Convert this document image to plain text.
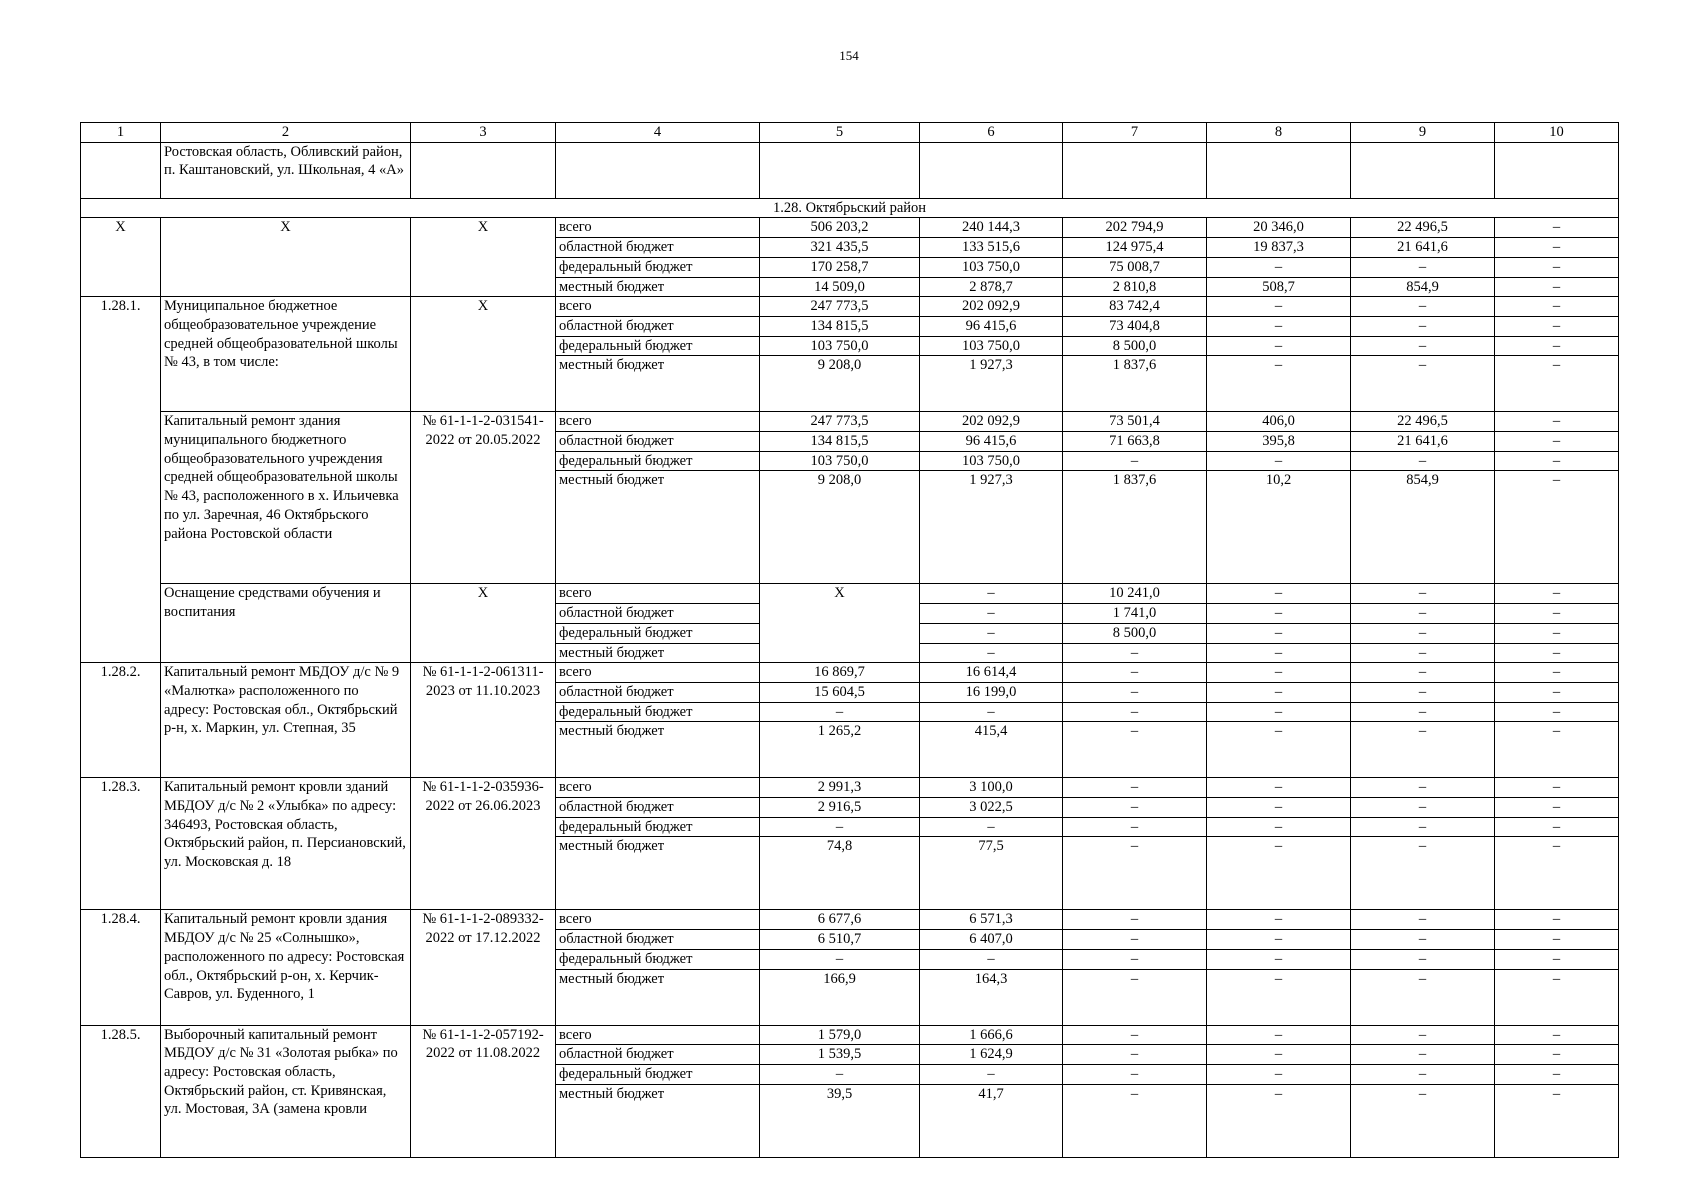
154
1	2	3	4	5	6	7	8	9	10
	Ростовская область, Обливский район, п. Каштановский, ул. Школьная, 4 «А»								
1.28. Октябрьский район									
Х	Х	Х	всего	506 203,2	240 144,3	202 794,9	20 346,0	22 496,5	–
			областной бюджет	321 435,5	133 515,6	124 975,4	19 837,3	21 641,6	–
			федеральный бюджет	170 258,7	103 750,0	75 008,7	–	–	–
			местный бюджет	14 509,0	2 878,7	2 810,8	508,7	854,9	–
1.28.1.	Муниципальное бюджетное общеобразовательное учреждение средней общеобразовательной школы № 43, в том числе:	Х	всего	247 773,5	202 092,9	83 742,4	–	–	–
			областной бюджет	134 815,5	96 415,6	73 404,8	–	–	–
			федеральный бюджет	103 750,0	103 750,0	8 500,0	–	–	–
			местный бюджет	9 208,0	1 927,3	1 837,6	–	–	–
	Капитальный ремонт здания муниципального бюджетного общеобразовательного учреждения средней общеобразовательной школы № 43, расположенного в х. Ильичевка по ул. Заречная, 46 Октябрьского района Ростовской области	№ 61-1-1-2-031541-2022 от 20.05.2022	всего	247 773,5	202 092,9	73 501,4	406,0	22 496,5	–
			областной бюджет	134 815,5	96 415,6	71 663,8	395,8	21 641,6	–
			федеральный бюджет	103 750,0	103 750,0	–	–	–	–
			местный бюджет	9 208,0	1 927,3	1 837,6	10,2	854,9	–
	Оснащение средствами обучения и воспитания	Х	всего	Х	–	10 241,0	–	–	–
			областной бюджет		–	1 741,0	–	–	–
			федеральный бюджет		–	8 500,0	–	–	–
			местный бюджет		–	–	–	–	–
1.28.2.	Капитальный ремонт МБДОУ д/с № 9 «Малютка» расположенного по адресу: Ростовская обл., Октябрьский р-н, х. Маркин, ул. Степная, 35	№ 61-1-1-2-061311-2023 от 11.10.2023	всего	16 869,7	16 614,4	–	–	–	–
			областной бюджет	15 604,5	16 199,0	–	–	–	–
			федеральный бюджет	–	–	–	–	–	–
			местный бюджет	1 265,2	415,4	–	–	–	–
1.28.3.	Капитальный ремонт кровли зданий МБДОУ д/с № 2 «Улыбка» по адресу: 346493, Ростовская область, Октябрьский район, п. Персиановский, ул. Московская д. 18	№ 61-1-1-2-035936-2022 от 26.06.2023	всего	2 991,3	3 100,0	–	–	–	–
			областной бюджет	2 916,5	3 022,5	–	–	–	–
			федеральный бюджет	–	–	–	–	–	–
			местный бюджет	74,8	77,5	–	–	–	–
1.28.4.	Капитальный ремонт кровли здания МБДОУ д/с № 25 «Солнышко», расположенного по адресу: Ростовская обл., Октябрьский р-он, х. Керчик-Савров, ул. Буденного, 1	№ 61-1-1-2-089332-2022 от 17.12.2022	всего	6 677,6	6 571,3	–	–	–	–
			областной бюджет	6 510,7	6 407,0	–	–	–	–
			федеральный бюджет	–	–	–	–	–	–
			местный бюджет	166,9	164,3	–	–	–	–
1.28.5.	Выборочный капитальный ремонт МБДОУ д/с № 31 «Золотая рыбка» по адресу: Ростовская область, Октябрьский район, ст. Кривянская, ул. Мостовая, 3А (замена кровли	№ 61-1-1-2-057192-2022 от 11.08.2022	всего	1 579,0	1 666,6	–	–	–	–
			областной бюджет	1 539,5	1 624,9	–	–	–	–
			федеральный бюджет	–	–	–	–	–	–
			местный бюджет	39,5	41,7	–	–	–	–
